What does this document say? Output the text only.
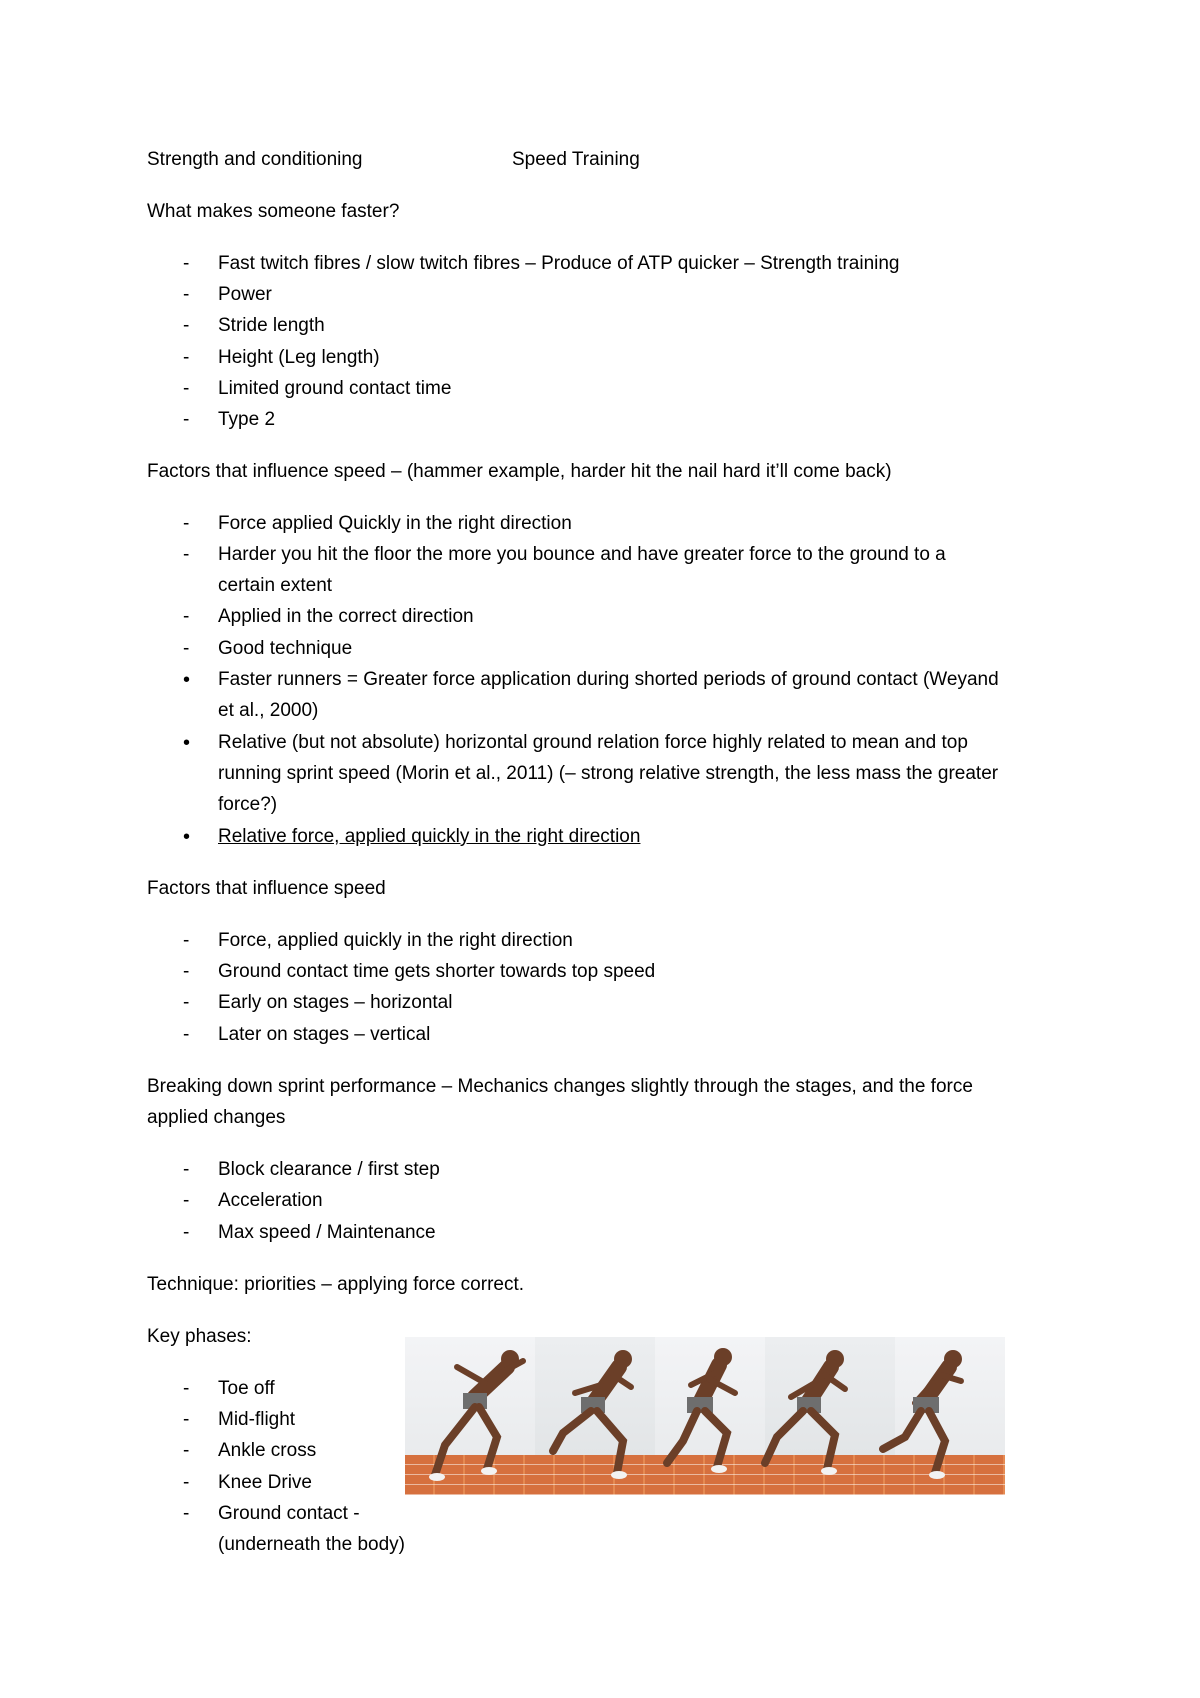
Strength and conditioning	Speed Training
What makes someone faster?
-
Fast twitch fibres / slow twitch fibres – Produce of ATP quicker – Strength training
-
Power
-
Stride length
-
Height (Leg length)
-
Limited ground contact time
-
Type 2
Factors that influence speed – (hammer example, harder hit the nail hard it’ll come back)
-
Force applied Quickly in the right direction
-
Harder you hit the floor the more you bounce and have greater force to the ground to a
certain extent
-
Applied in the correct direction
-
Good technique
•
Faster runners = Greater force application during shorted periods of ground contact (Weyand
et al., 2000)
•
Relative (but not absolute) horizontal ground relation force highly related to mean and top
running sprint speed (Morin et al., 2011) (– strong relative strength, the less mass the greater
force?)
•
Relative force, applied quickly in the right direction
Factors that influence speed
-
Force, applied quickly in the right direction
-
Ground contact time gets shorter towards top speed
-
Early on stages – horizontal
-
Later on stages – vertical
Breaking down sprint performance – Mechanics changes slightly through the stages, and the force
applied changes
-
Block clearance / first step
-
Acceleration
-
Max speed / Maintenance
Technique: priorities – applying force correct.
Key phases:
-
Toe off
-
Mid-flight
-
Ankle cross
-
Knee Drive
-
Ground contact -
(underneath the body)
